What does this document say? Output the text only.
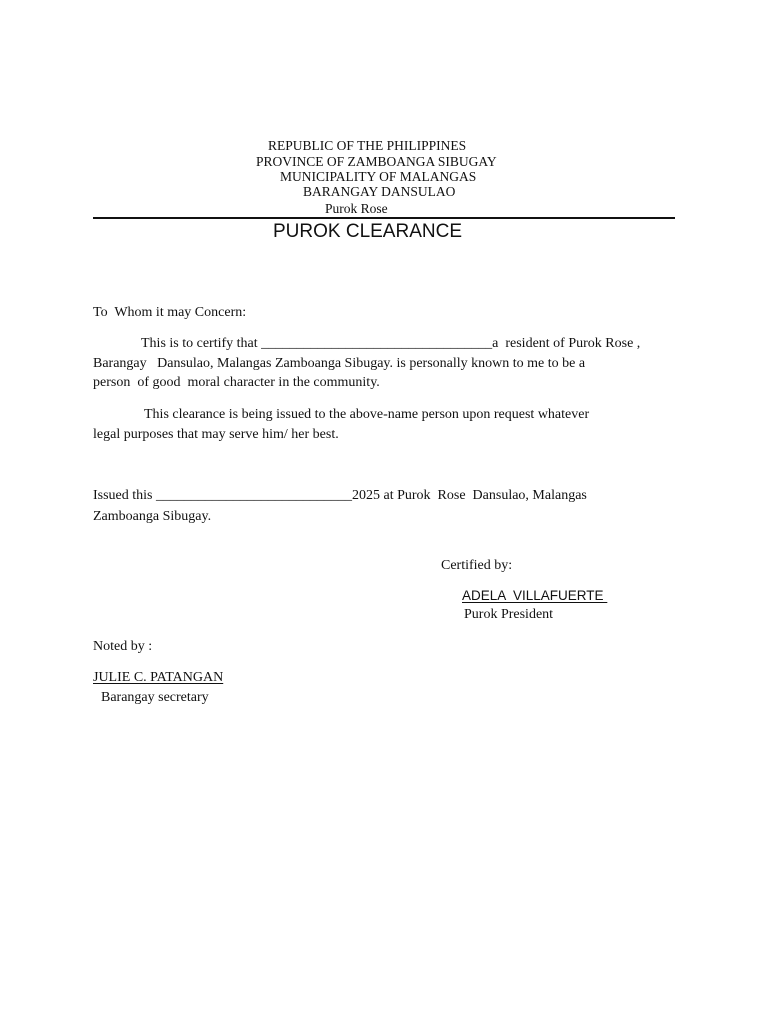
REPUBLIC OF THE PHILIPPINES
PROVINCE OF ZAMBOANGA SIBUGAY
MUNICIPALITY OF MALANGAS
BARANGAY DANSULAO
Purok Rose
PUROK CLEARANCE
To  Whom it may Concern:
This is to certify that _________________________________a  resident of Purok Rose ,
Barangay   Dansulao, Malangas Zamboanga Sibugay. is personally known to me to be a
person  of good  moral character in the community.
This clearance is being issued to the above-name person upon request whatever
legal purposes that may serve him/ her best.
Issued this ____________________________2025 at Purok  Rose  Dansulao, Malangas
Zamboanga Sibugay.
Certified by:
ADELA  VILLAFUERTE
Purok President
Noted by :
JULIE C. PATANGAN
Barangay secretary
